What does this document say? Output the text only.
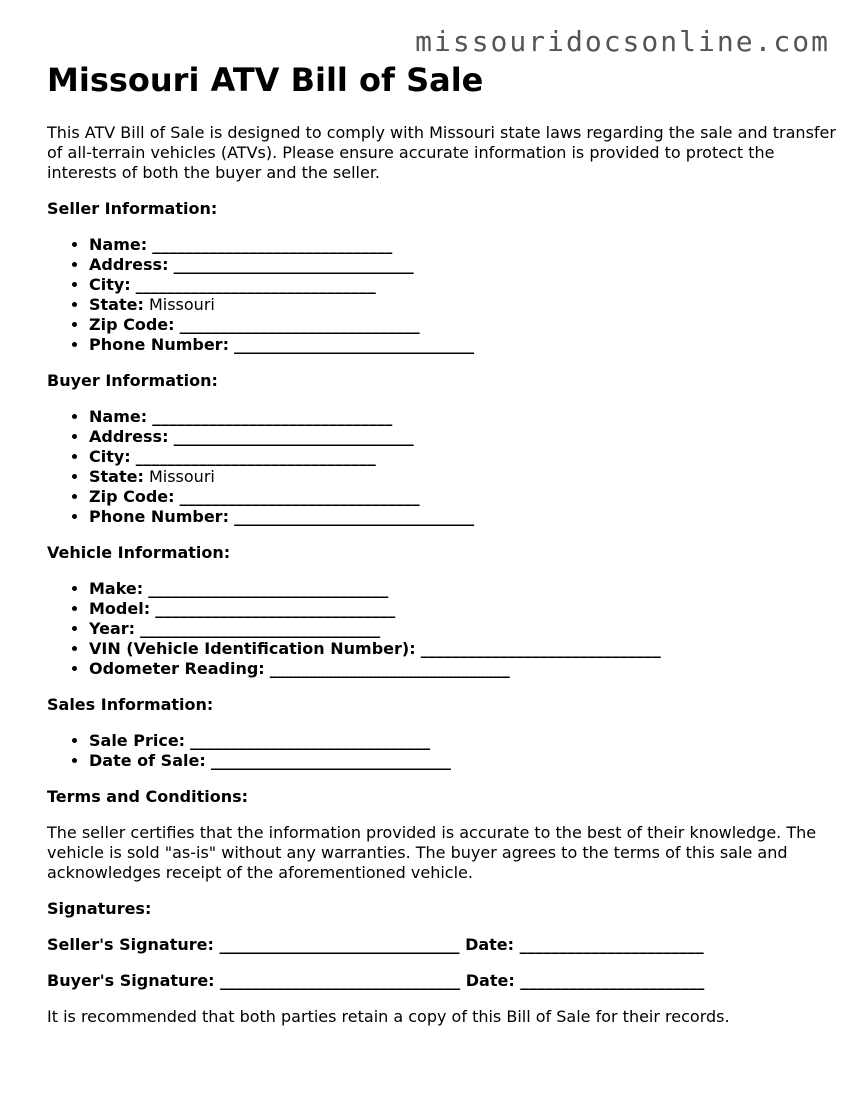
missouridocsonline.com
Missouri ATV Bill of Sale

This ATV Bill of Sale is designed to comply with Missouri state laws regarding the sale and transfer of all-terrain vehicles (ATVs). Please ensure accurate information is provided to protect the interests of both the buyer and the seller.

Seller Information:
• Name: ______________________________
• Address: ______________________________
• City: ______________________________
• State: Missouri
• Zip Code: ______________________________
• Phone Number: ______________________________
Buyer Information:
• Name: ______________________________
• Address: ______________________________
• City: ______________________________
• State: Missouri
• Zip Code: ______________________________
• Phone Number: ______________________________
Vehicle Information:
• Make: ______________________________
• Model: ______________________________
• Year: ______________________________
• VIN (Vehicle Identification Number): ______________________________
• Odometer Reading: ______________________________
Sales Information:
• Sale Price: ______________________________
• Date of Sale: ______________________________
Terms and Conditions:

The seller certifies that the information provided is accurate to the best of their knowledge. The vehicle is sold "as-is" without any warranties. The buyer agrees to the terms of this sale and acknowledges receipt of the aforementioned vehicle.

Signatures:
Seller's Signature: ______________________________ Date: _______________________
Buyer's Signature: ______________________________ Date: _______________________

It is recommended that both parties retain a copy of this Bill of Sale for their records.
